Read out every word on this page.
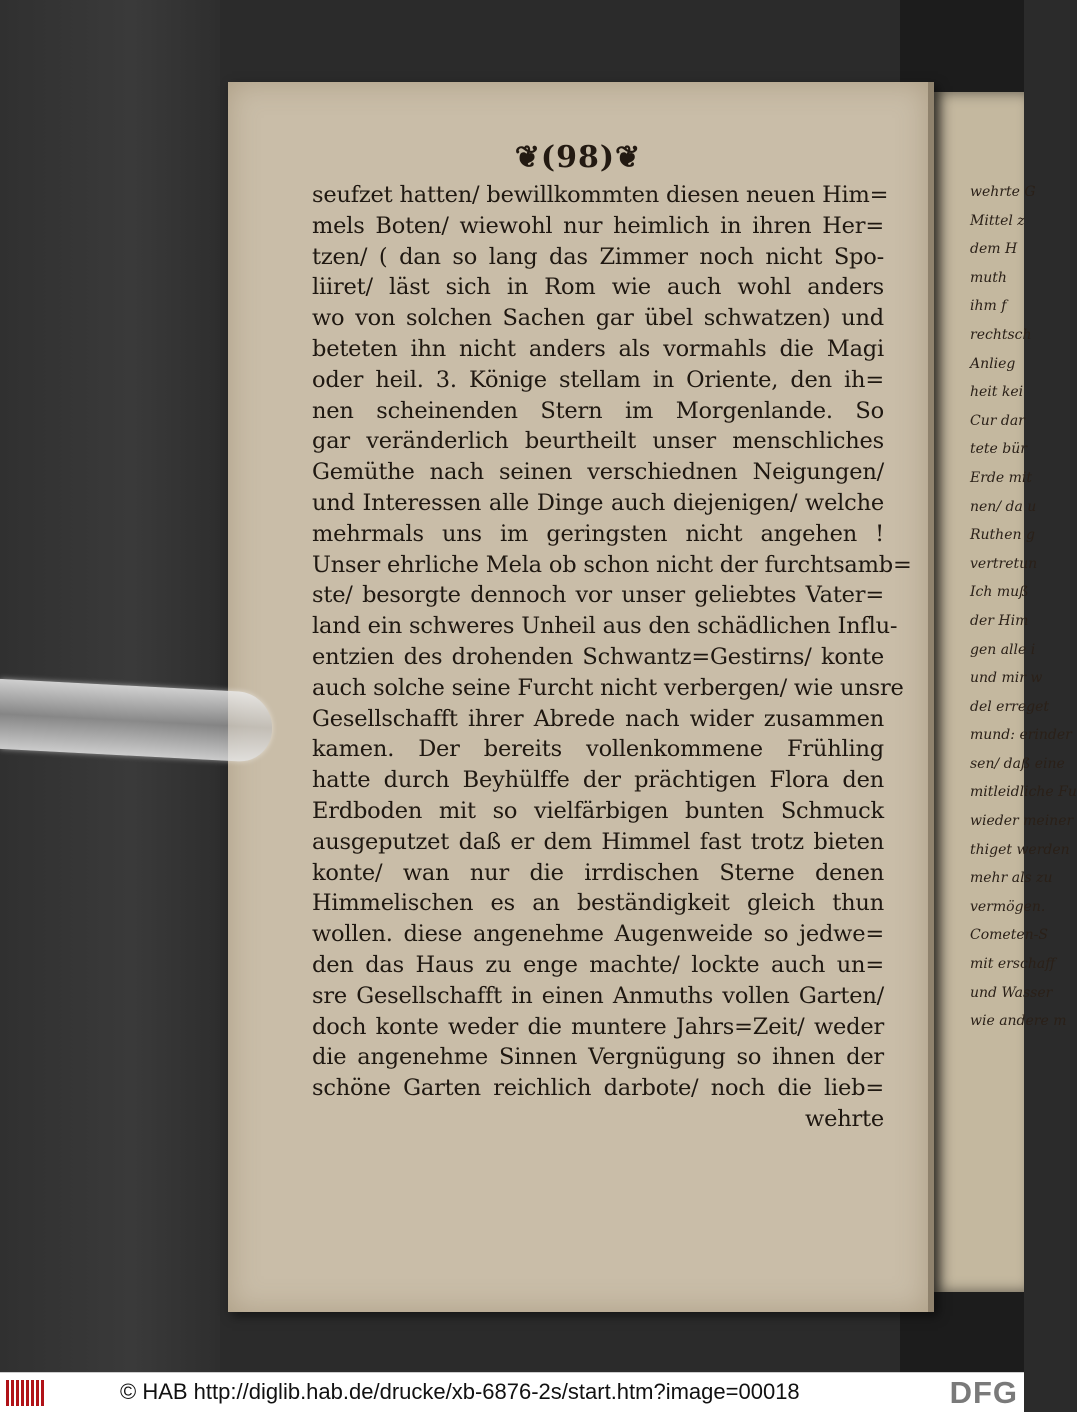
wehrte G
Mittel z
dem H
muth
ihm f
rechtsch
Anlieg
heit kei
Cur dar
tete bür
Erde mit
nen/ da u
Ruthen g
vertretun
Ich muß
der Him
gen alle i
und mir w
del erreget
mund: erinder
sen/ daß eine
mitleidliche Fu
wieder meiner
thiget werden
mehr als zu
vermögen.
Cometen-S
mit erschaff
und Wasser
wie andere m
❦(98)❦
seufzet hatten/ bewillkommten diesen neuen Him=
mels Boten/ wiewohl nur heimlich in ihren Her=
tzen/ ( dan so lang das Zimmer noch nicht Spo-
liiret/ läst sich in Rom wie auch wohl anders
wo von solchen Sachen gar übel schwatzen) und
beteten ihn nicht anders als vormahls die Magi
oder heil. 3. Könige stellam in Oriente, den ih=
nen scheinenden Stern im Morgenlande. So
gar veränderlich beurtheilt unser menschliches
Gemüthe nach seinen verschiednen Neigungen/
und Interessen alle Dinge auch diejenigen/ welche
mehrmals uns im geringsten nicht angehen !
Unser ehrliche Mela ob schon nicht der furchtsamb=
ste/ besorgte dennoch vor unser geliebtes Vater=
land ein schweres Unheil aus den schädlichen Influ-
entzien des drohenden Schwantz=Gestirns/ konte
auch solche seine Furcht nicht verbergen/ wie unsre
Gesellschafft ihrer Abrede nach wider zusammen
kamen. Der bereits vollenkommene Frühling
hatte durch Beyhülffe der prächtigen Flora den
Erdboden mit so vielfärbigen bunten Schmuck
ausgeputzet daß er dem Himmel fast trotz bieten
konte/ wan nur die irrdischen Sterne denen
Himmelischen es an beständigkeit gleich thun
wollen. diese angenehme Augenweide so jedwe=
den das Haus zu enge machte/ lockte auch un=
sre Gesellschafft in einen Anmuths vollen Garten/
doch konte weder die muntere Jahrs=Zeit/ weder
die angenehme Sinnen Vergnügung so ihnen der
schöne Garten reichlich darbote/ noch die lieb=
wehrte
© HAB http://diglib.hab.de/drucke/xb-6876-2s/start.htm?image=00018	DFG
